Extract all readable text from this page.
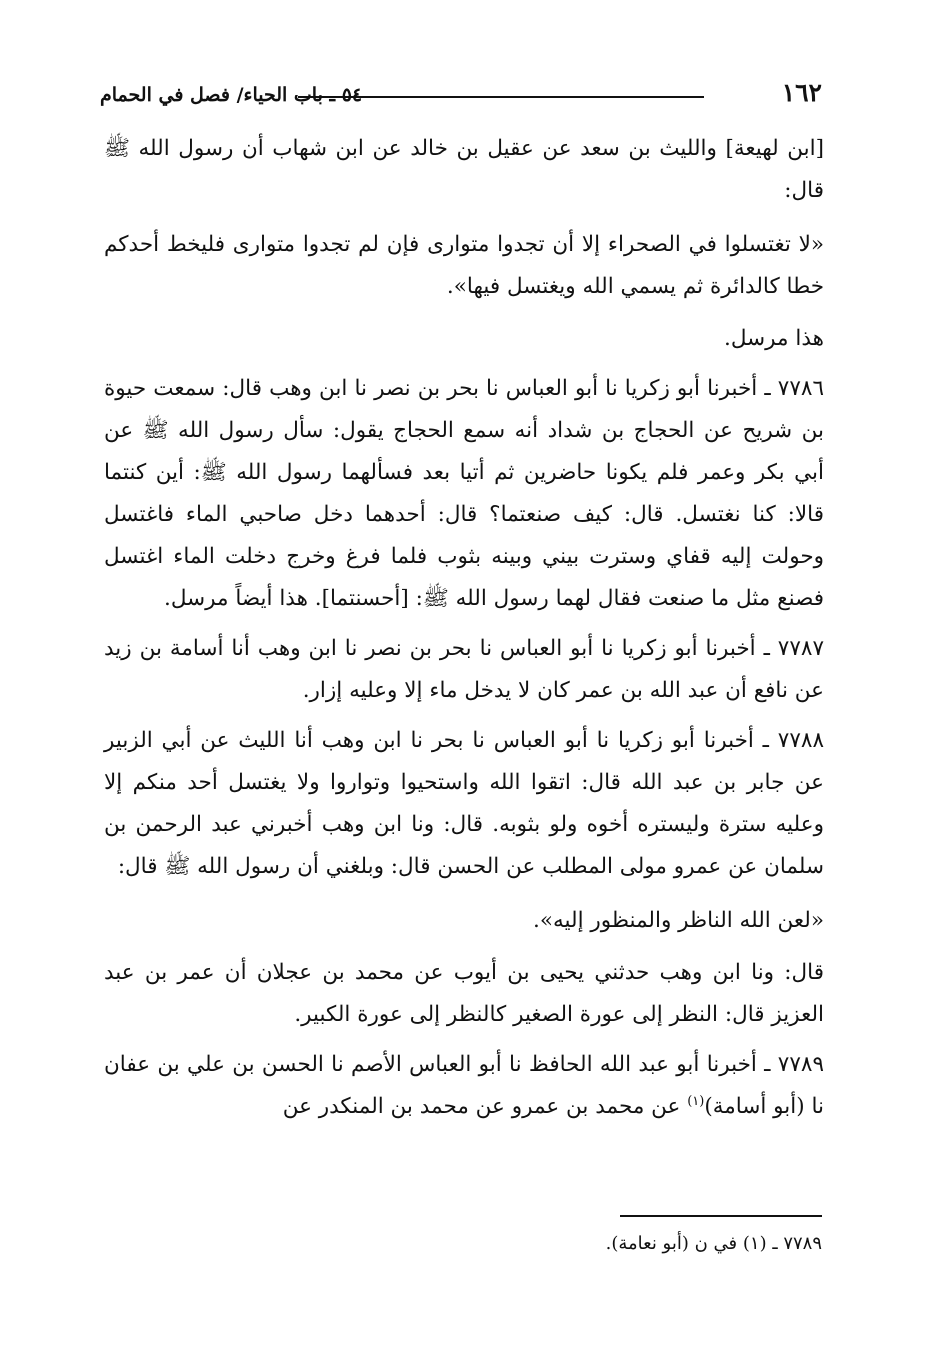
١٦٢
٥٤ ـ باب الحياء/ فصل في الحمام

[ابن لهيعة] والليث بن سعد عن عقيل بن خالد عن ابن شهاب أن رسول الله ﷺ قال:

«لا تغتسلوا في الصحراء إلا أن تجدوا متوارى فإن لم تجدوا متوارى فليخط أحدكم خطا كالدائرة ثم يسمي الله ويغتسل فيها».

هذا مرسل.

٧٧٨٦ ـ أخبرنا أبو زكريا نا أبو العباس نا بحر بن نصر نا ابن وهب قال: سمعت حيوة بن شريح عن الحجاج بن شداد أنه سمع الحجاج يقول: سأل رسول الله ﷺ عن أبي بكر وعمر فلم يكونا حاضرين ثم أتيا بعد فسألهما رسول الله ﷺ: أين كنتما قالا: كنا نغتسل. قال: كيف صنعتما؟ قال: أحدهما دخل صاحبي الماء فاغتسل وحولت إليه قفاي وسترت بيني وبينه بثوب فلما فرغ وخرج دخلت الماء اغتسل فصنع مثل ما صنعت فقال لهما رسول الله ﷺ: [أحسنتما]. هذا أيضاً مرسل.

٧٧٨٧ ـ أخبرنا أبو زكريا نا أبو العباس نا بحر بن نصر نا ابن وهب أنا أسامة بن زيد عن نافع أن عبد الله بن عمر كان لا يدخل ماء إلا وعليه إزار.

٧٧٨٨ ـ أخبرنا أبو زكريا نا أبو العباس نا بحر نا ابن وهب أنا الليث عن أبي الزبير عن جابر بن عبد الله قال: اتقوا الله واستحيوا وتواروا ولا يغتسل أحد منكم إلا وعليه سترة وليستره أخوه ولو بثوبه. قال: ونا ابن وهب أخبرني عبد الرحمن بن سلمان عن عمرو مولى المطلب عن الحسن قال: وبلغني أن رسول الله ﷺ قال:

«لعن الله الناظر والمنظور إليه».

قال: ونا ابن وهب حدثني يحيى بن أيوب عن محمد بن عجلان أن عمر بن عبد العزيز قال: النظر إلى عورة الصغير كالنظر إلى عورة الكبير.

٧٧٨٩ ـ أخبرنا أبو عبد الله الحافظ نا أبو العباس الأصم نا الحسن بن علي بن عفان نا (أبو أسامة)$^{(١)}$ عن محمد بن عمرو عن محمد بن المنكدر عن

٧٧٨٩ ـ (١) في ن (أبو نعامة).
